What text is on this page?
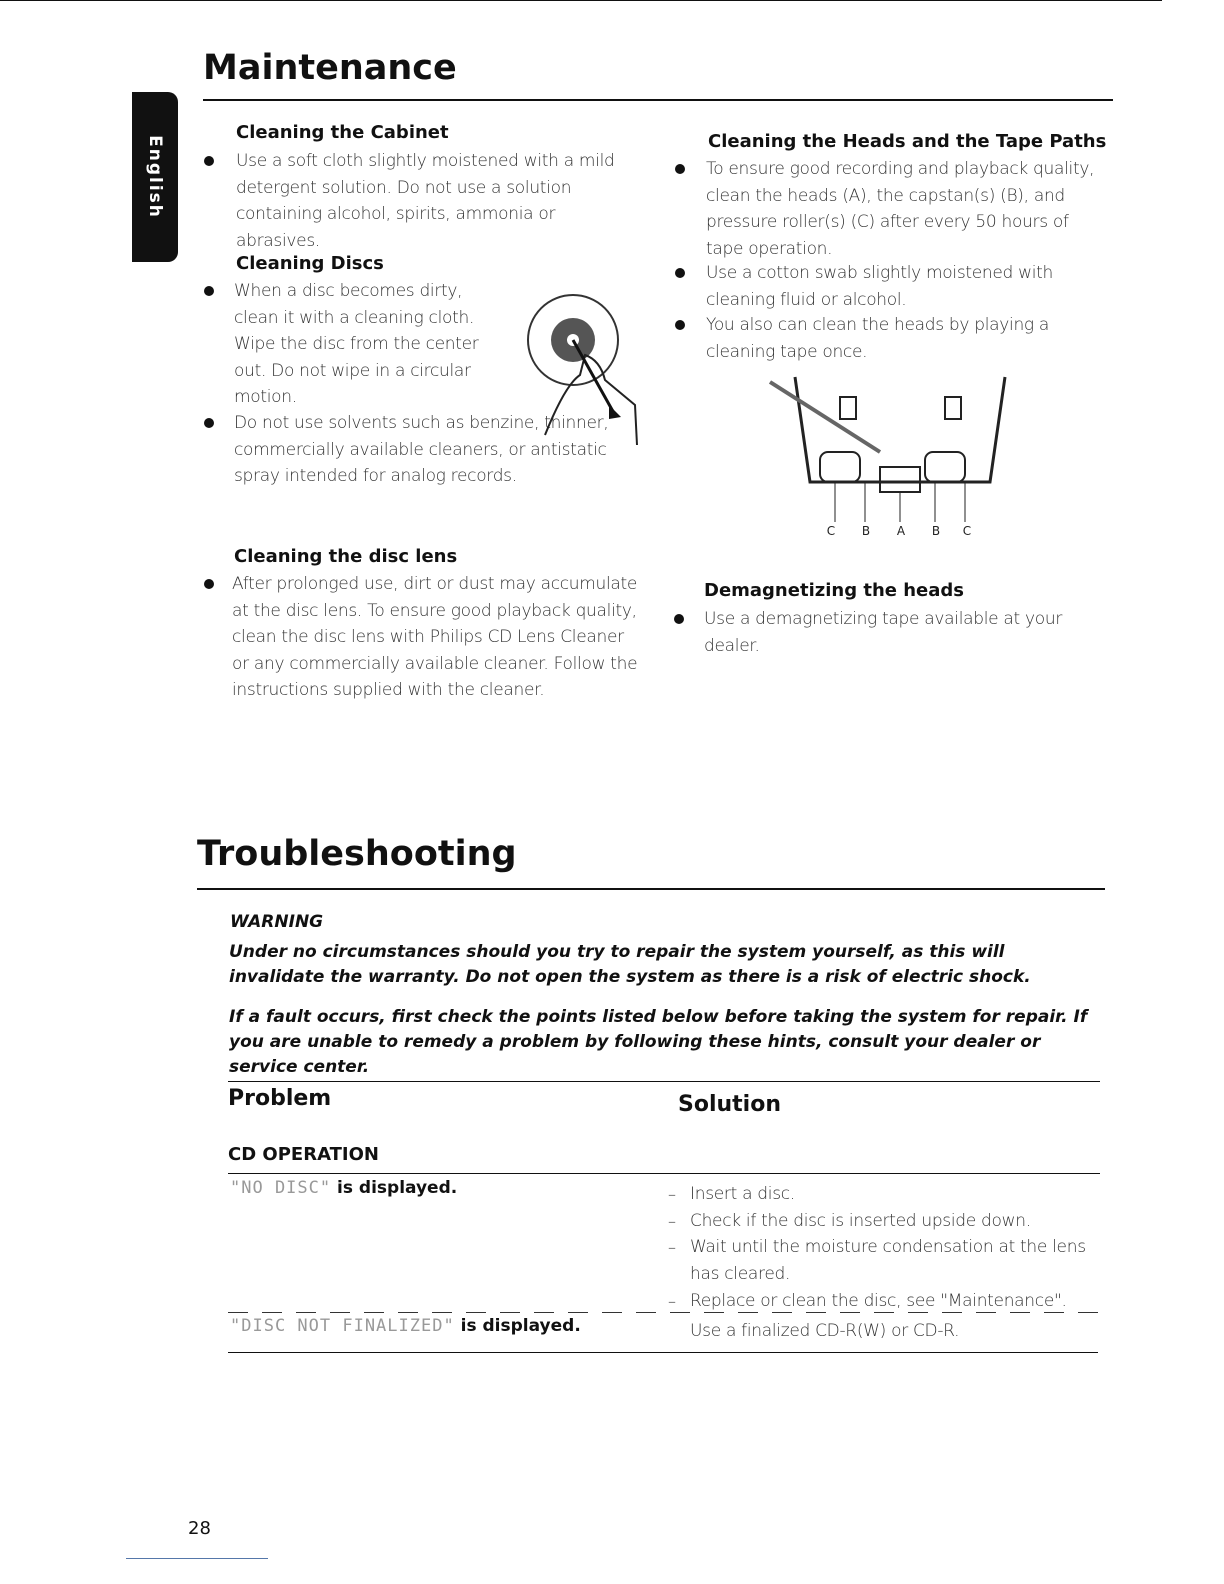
English
Maintenance
Cleaning the Cabinet
Use a soft cloth slightly moistened with a mild detergent solution. Do not use a solution containing alcohol, spirits, ammonia or abrasives.
Cleaning Discs
When a disc becomes dirty, clean it with a cleaning cloth. Wipe the disc from the center out. Do not wipe in a circular motion.
Do not use solvents such as benzine, thinner, commercially available cleaners, or antistatic spray intended for analog records.
Cleaning the disc lens
After prolonged use, dirt or dust may accumulate at the disc lens. To ensure good playback quality, clean the disc lens with Philips CD Lens Cleaner or any commercially available cleaner. Follow the instructions supplied with the cleaner.
Cleaning the Heads and the Tape Paths
To ensure good recording and playback quality, clean the heads (A), the capstan(s) (B), and pressure roller(s) (C) after every 50 hours of tape operation.
Use a cotton swab slightly moistened with cleaning fluid or alcohol.
You also can clean the heads by playing a cleaning tape once.
C B A B C
Demagnetizing the heads
Use a demagnetizing tape available at your dealer.
Troubleshooting
WARNING
Under no circumstances should you try to repair the system yourself, as this will invalidate the warranty. Do not open the system as there is a risk of electric shock.
If a fault occurs, first check the points listed below before taking the system for repair. If you are unable to remedy a problem by following these hints, consult your dealer or service center.
Problem	Solution
CD OPERATION
"NO DISC" is displayed.	– Insert a disc.
– Check if the disc is inserted upside down.
– Wait until the moisture condensation at the lens has cleared.
– Replace or clean the disc, see "Maintenance".
"DISC NOT FINALIZED" is displayed.	Use a finalized CD-R(W) or CD-R.
28
